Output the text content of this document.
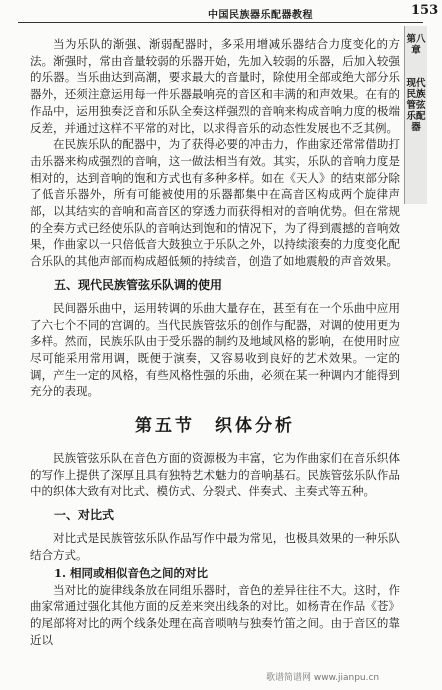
中国民族器乐配器教程	153
第八章
现代民族管弦乐配器

当为乐队的渐强、渐弱配器时，多采用增减乐器结合力度变化的方法。渐强时，常由音量较弱的乐器开始，先加入较弱的乐器，后加入较强的乐器。当乐曲达到高潮，要求最大的音量时，除使用全部或绝大部分乐器外，还须注意运用每一件乐器最响亮的音区和丰满的和声效果。在有的作品中，运用独奏泛音和乐队全奏这样强烈的音响来构成音响力度的极端反差，并通过这样不平常的对比，以求得音乐的动态性发展也不乏其例。

在民族乐队的配器中，为了获得必要的冲击力，作曲家还常常借助打击乐器来构成强烈的音响，这一做法相当有效。其实，乐队的音响力度是相对的，达到音响的饱和方式也有多种多样。如在《天人》的结束部分除了低音乐器外，所有可能被使用的乐器都集中在高音区构成两个旋律声部，以其结实的音响和高音区的穿透力而获得相对的音响优势。但在常规的全奏方式已经使乐队的音响达到饱和的情况下，为了得到震撼的音响效果，作曲家以一只倍低音大鼓独立于乐队之外，以持续滚奏的力度变化配合乐队的其他声部而构成超低频的持续音，创造了如地震般的声音效果。

五、现代民族管弦乐队调的使用

民间器乐曲中，运用转调的乐曲大量存在，甚至有在一个乐曲中应用了六七个不同的宫调的。当代民族管弦乐的创作与配器，对调的使用更为多样。然而，民族乐队由于受乐器的制约及地域风格的影响，在使用时应尽可能采用常用调，既便于演奏，又容易收到良好的艺术效果。一定的调，产生一定的风格，有些风格性强的乐曲，必须在某一种调内才能得到充分的表现。

第五节　织体分析

民族管弦乐队在音色方面的资源极为丰富，它为作曲家们在音乐织体的写作上提供了深厚且具有独特艺术魅力的音响基石。民族管弦乐队作品中的织体大致有对比式、模仿式、分裂式、伴奏式、主奏式等五种。

一、对比式

对比式是民族管弦乐队作品写作中最为常见，也极具效果的一种乐队结合方式。

1. 相同或相似音色之间的对比

当对比的旋律线条放在同组乐器时，音色的差异往往不大。这时，作曲家常通过强化其他方面的反差来突出线条的对比。如杨青在作品《苍》的尾部将对比的两个线条处理在高音唢呐与独奏竹笛之间。由于音区的靠近以

歌谱简谱网 www.jianpu.cn
